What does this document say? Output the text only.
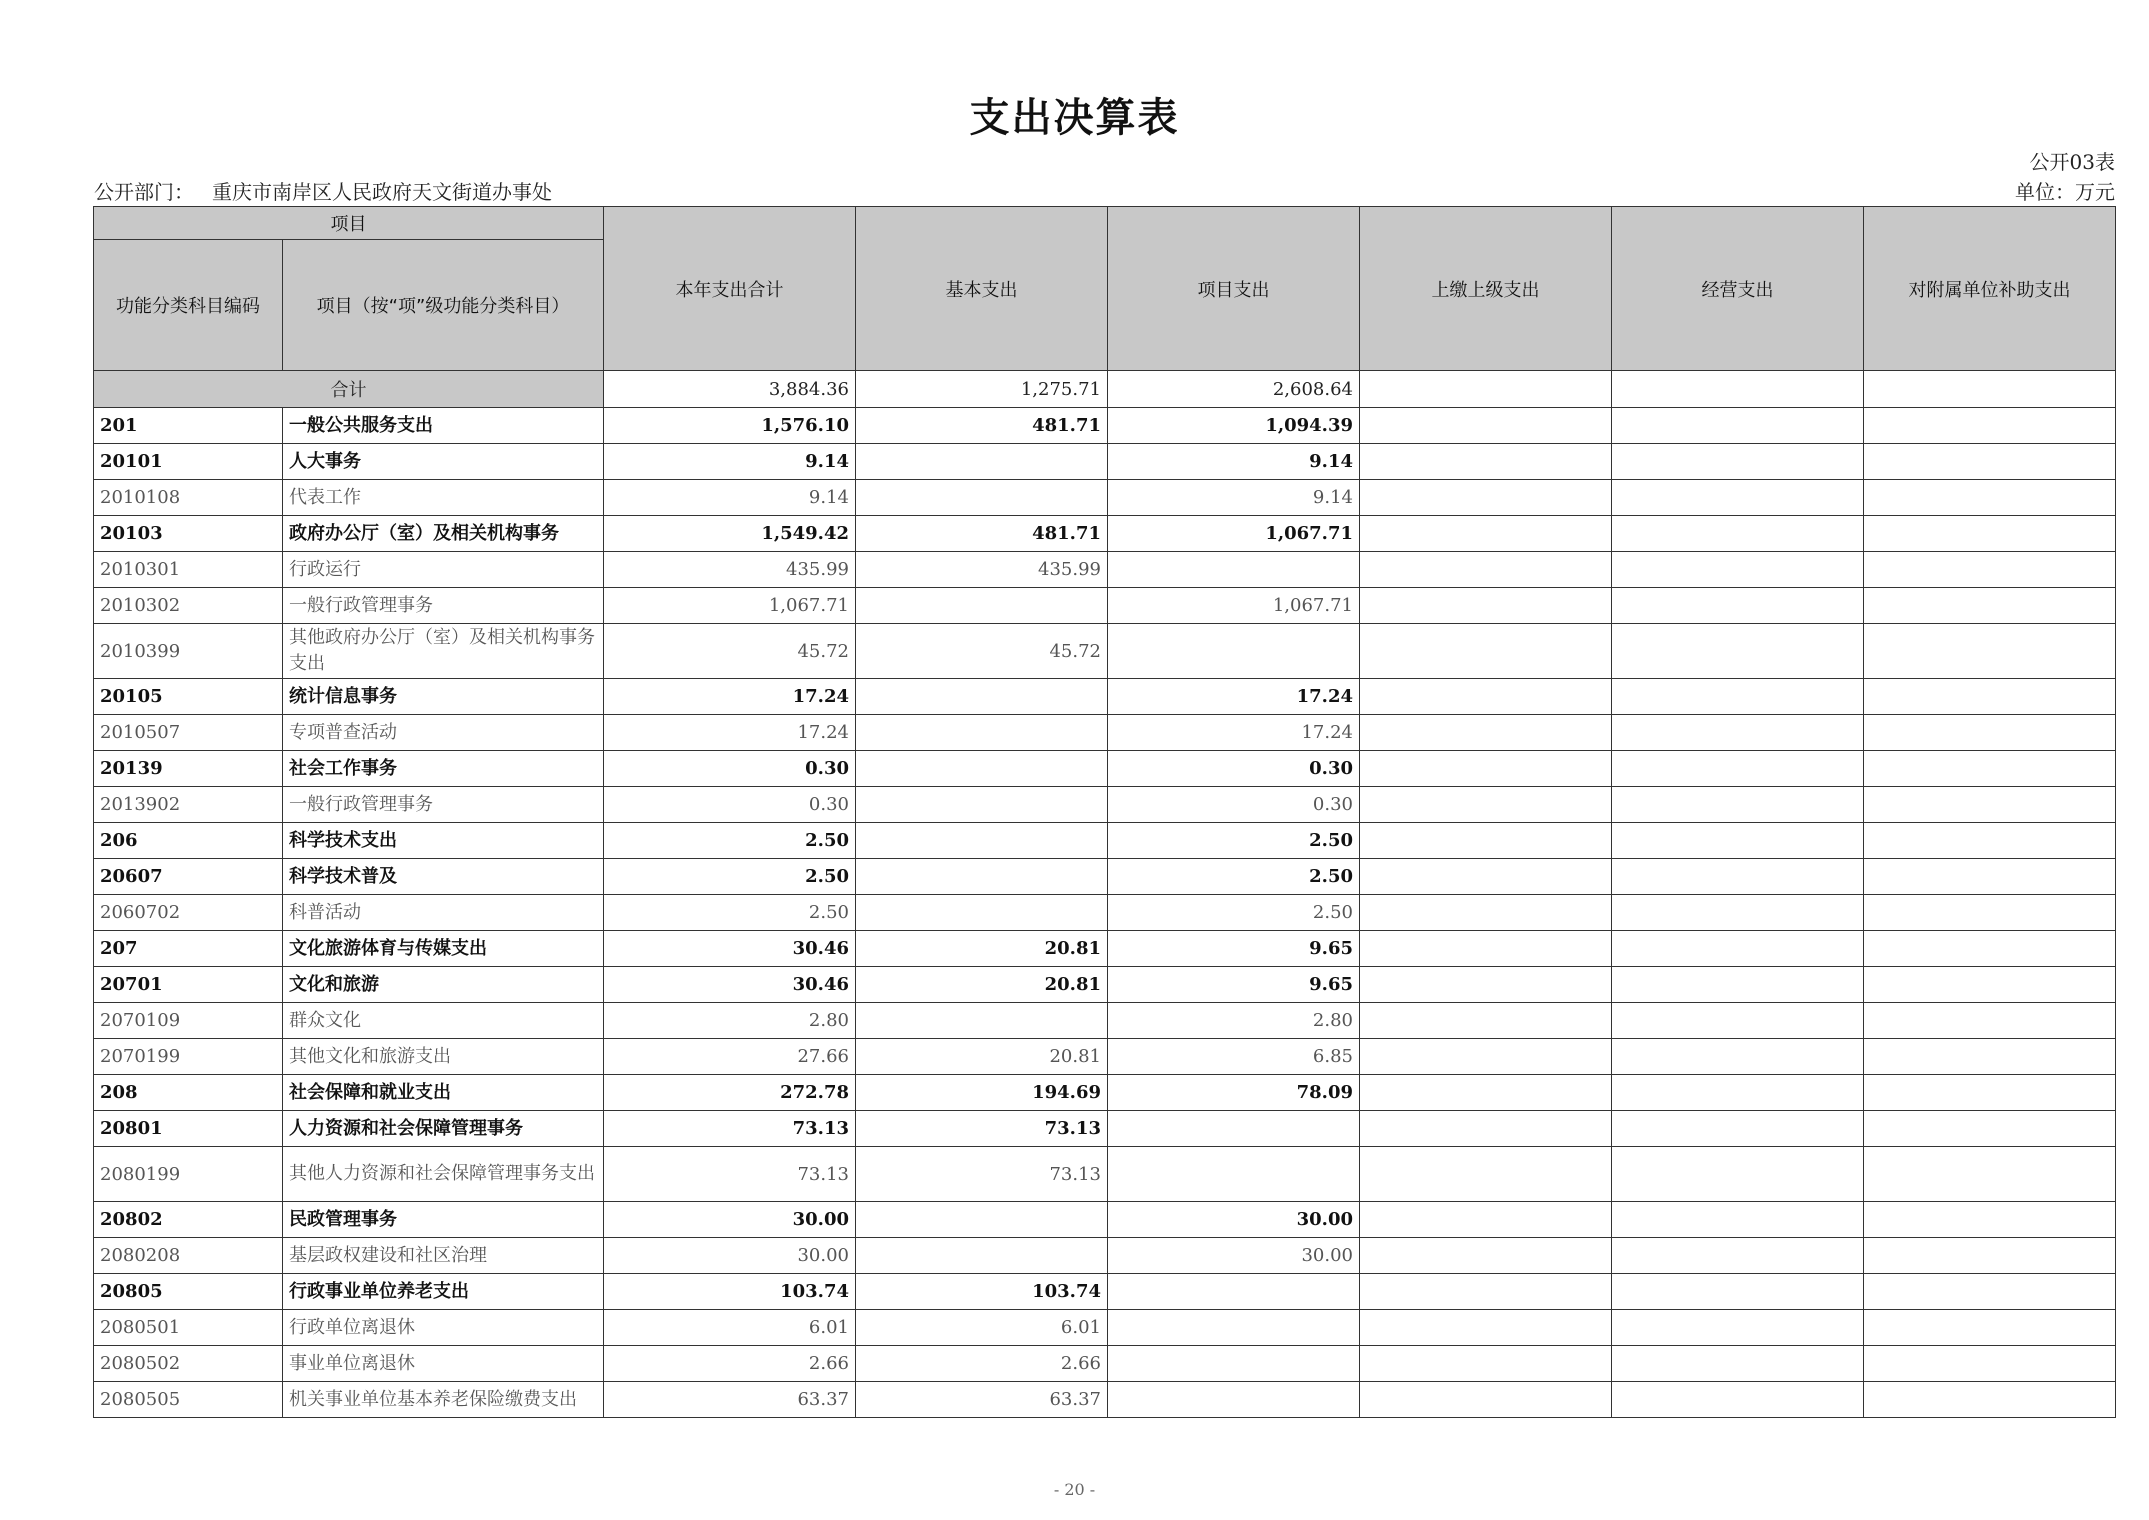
支出决算表
公开03表
公开部门： 重庆市南岸区人民政府天文街道办事处	单位：万元
项目		本年支出合计	基本支出	项目支出	上缴上级支出	经营支出	对附属单位补助支出
功能分类科目编码	项目（按“项”级功能分类科目）						
合计		3,884.36	1,275.71	2,608.64			
201	一般公共服务支出	1,576.10	481.71	1,094.39			
20101	人大事务	9.14		9.14			
2010108	代表工作	9.14		9.14			
20103	政府办公厅（室）及相关机构事务	1,549.42	481.71	1,067.71			
2010301	行政运行	435.99	435.99				
2010302	一般行政管理事务	1,067.71		1,067.71			
2010399	其他政府办公厅（室）及相关机构事务支出	45.72	45.72				
20105	统计信息事务	17.24		17.24			
2010507	专项普查活动	17.24		17.24			
20139	社会工作事务	0.30		0.30			
2013902	一般行政管理事务	0.30		0.30			
206	科学技术支出	2.50		2.50			
20607	科学技术普及	2.50		2.50			
2060702	科普活动	2.50		2.50			
207	文化旅游体育与传媒支出	30.46	20.81	9.65			
20701	文化和旅游	30.46	20.81	9.65			
2070109	群众文化	2.80		2.80			
2070199	其他文化和旅游支出	27.66	20.81	6.85			
208	社会保障和就业支出	272.78	194.69	78.09			
20801	人力资源和社会保障管理事务	73.13	73.13				
2080199	其他人力资源和社会保障管理事务支出	73.13	73.13				
20802	民政管理事务	30.00		30.00			
2080208	基层政权建设和社区治理	30.00		30.00			
20805	行政事业单位养老支出	103.74	103.74				
2080501	行政单位离退休	6.01	6.01				
2080502	事业单位离退休	2.66	2.66				
2080505	机关事业单位基本养老保险缴费支出	63.37	63.37				
- 20 -
